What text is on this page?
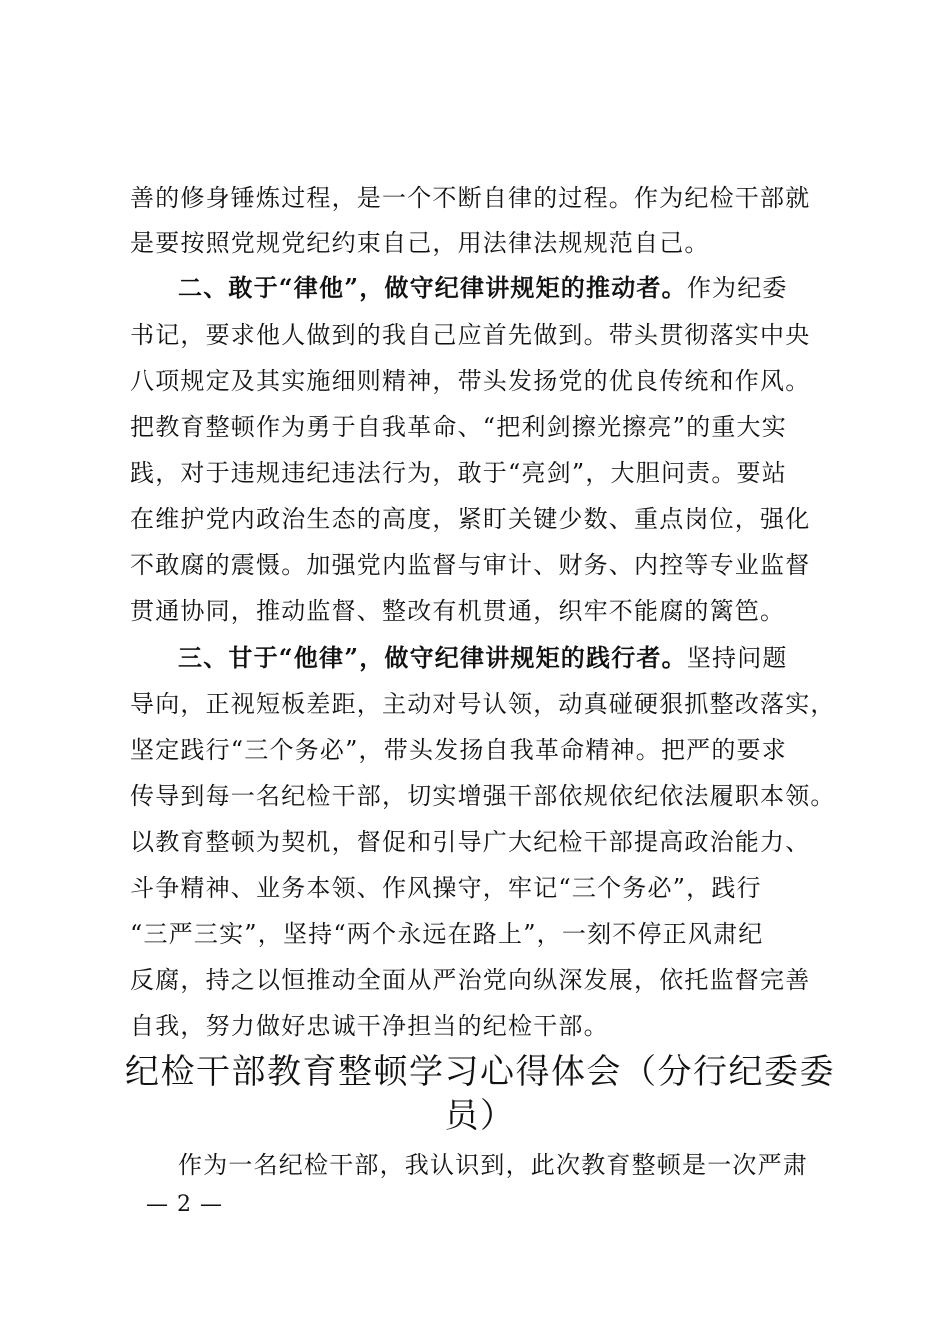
善的修身锤炼过程，是一个不断自律的过程。作为纪检干部就
是要按照党规党纪约束自己，用法律法规规范自己。
二、敢于“律他”，做守纪律讲规矩的推动者。作为纪委
书记，要求他人做到的我自己应首先做到。带头贯彻落实中央
八项规定及其实施细则精神，带头发扬党的优良传统和作风。
把教育整顿作为勇于自我革命、“把利剑擦光擦亮”的重大实
践，对于违规违纪违法行为，敢于“亮剑”，大胆问责。要站
在维护党内政治生态的高度，紧盯关键少数、重点岗位，强化
不敢腐的震慑。加强党内监督与审计、财务、内控等专业监督
贯通协同，推动监督、整改有机贯通，织牢不能腐的篱笆。
三、甘于“他律”，做守纪律讲规矩的践行者。坚持问题
导向，正视短板差距，主动对号认领，动真碰硬狠抓整改落实，
坚定践行“三个务必”，带头发扬自我革命精神。把严的要求
传导到每一名纪检干部，切实增强干部依规依纪依法履职本领。
以教育整顿为契机，督促和引导广大纪检干部提高政治能力、
斗争精神、业务本领、作风操守，牢记“三个务必”，践行
“三严三实”，坚持“两个永远在路上”，一刻不停正风肃纪
反腐，持之以恒推动全面从严治党向纵深发展，依托监督完善
自我，努力做好忠诚干净担当的纪检干部。
纪检干部教育整顿学习心得体会（分行纪委委
员）
作为一名纪检干部，我认识到，此次教育整顿是一次严肃
— 2 —
